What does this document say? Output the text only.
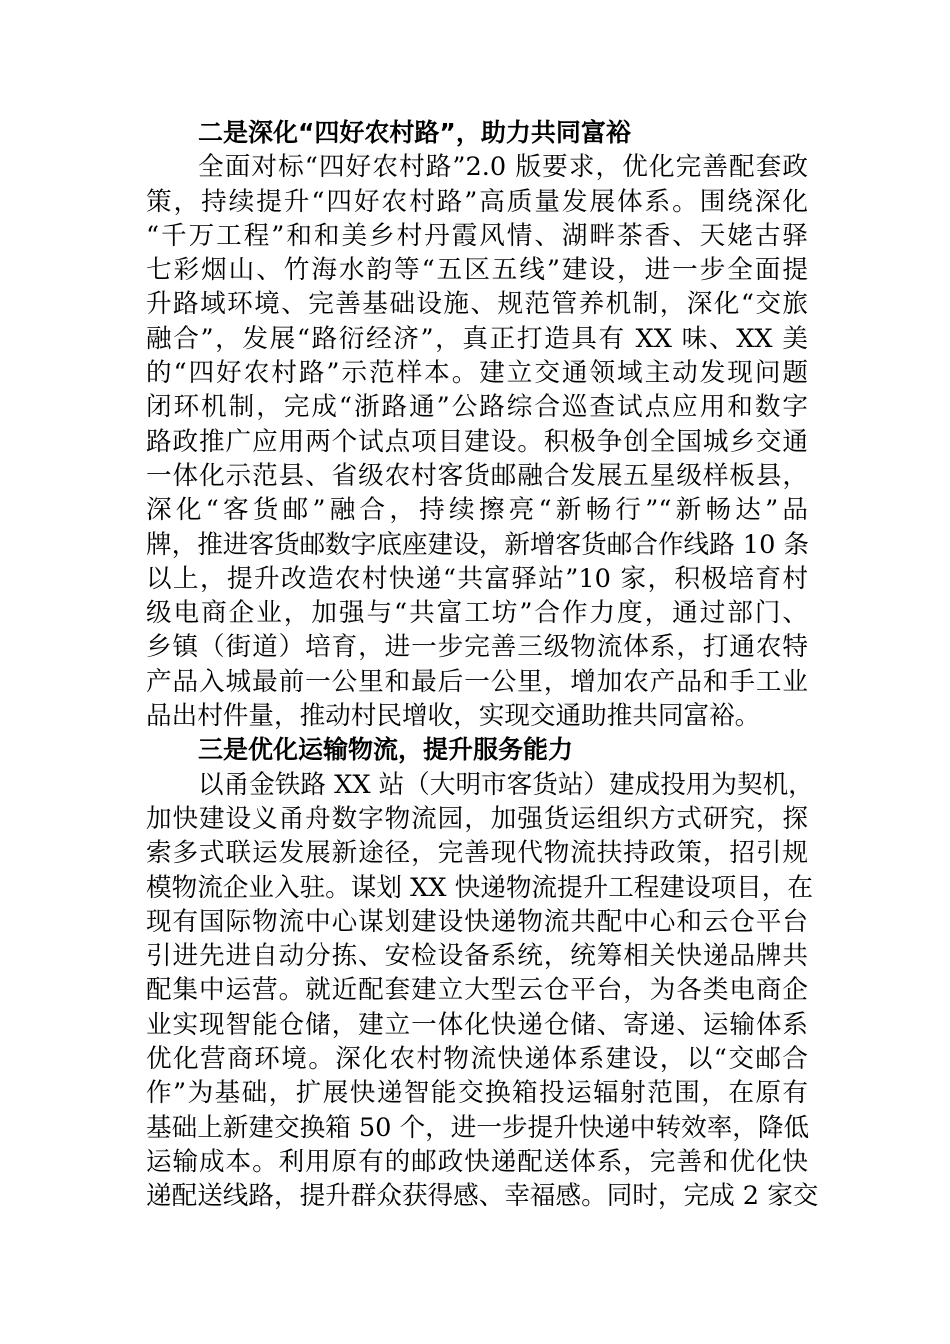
二是深化“四好农村路”，助力共同富裕
全面对标“四好农村路”2.0 版要求，优化完善配套政
策，持续提升“四好农村路”高质量发展体系。围绕深化
“千万工程”和和美乡村丹霞风情、湖畔茶香、天姥古驿
七彩烟山、竹海水韵等“五区五线”建设，进一步全面提
升路域环境、完善基础设施、规范管养机制，深化“交旅
融合”，发展“路衍经济”，真正打造具有 XX 味、XX 美
的“四好农村路”示范样本。建立交通领域主动发现问题
闭环机制，完成“浙路通”公路综合巡查试点应用和数字
路政推广应用两个试点项目建设。积极争创全国城乡交通
一体化示范县、省级农村客货邮融合发展五星级样板县，
深化“客货邮”融合，持续擦亮“新畅行”“新畅达”品
牌，推进客货邮数字底座建设，新增客货邮合作线路 10 条
以上，提升改造农村快递“共富驿站”10 家，积极培育村
级电商企业，加强与“共富工坊”合作力度，通过部门、
乡镇（街道）培育，进一步完善三级物流体系，打通农特
产品入城最前一公里和最后一公里，增加农产品和手工业
品出村件量，推动村民增收，实现交通助推共同富裕。
三是优化运输物流，提升服务能力
以甬金铁路 XX 站（大明市客货站）建成投用为契机，
加快建设义甬舟数字物流园，加强货运组织方式研究，探
索多式联运发展新途径，完善现代物流扶持政策，招引规
模物流企业入驻。谋划 XX 快递物流提升工程建设项目，在
现有国际物流中心谋划建设快递物流共配中心和云仓平台
引进先进自动分拣、安检设备系统，统筹相关快递品牌共
配集中运营。就近配套建立大型云仓平台，为各类电商企
业实现智能仓储，建立一体化快递仓储、寄递、运输体系
优化营商环境。深化农村物流快递体系建设，以“交邮合
作”为基础，扩展快递智能交换箱投运辐射范围，在原有
基础上新建交换箱 50 个，进一步提升快递中转效率，降低
运输成本。利用原有的邮政快递配送体系，完善和优化快
递配送线路，提升群众获得感、幸福感。同时，完成 2 家交
